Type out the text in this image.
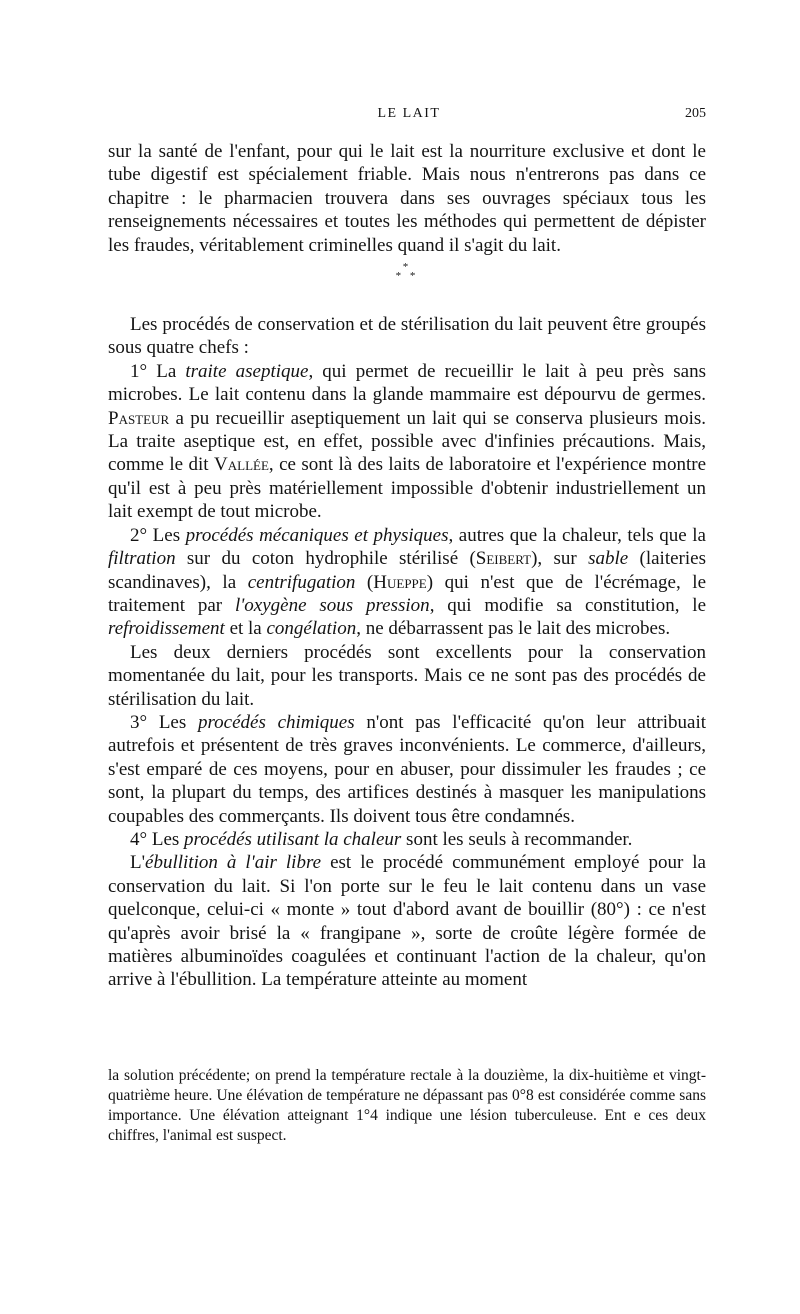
LE LAIT	205

sur la santé de l'enfant, pour qui le lait est la nourriture exclusive et dont le tube digestif est spécialement friable. Mais nous n'entrerons pas dans ce chapitre : le pharmacien trouvera dans ses ouvrages spéciaux tous les renseignements nécessaires et toutes les méthodes qui permettent de dépister les fraudes, véritablement criminelles quand il s'agit du lait.

*
* *

Les procédés de conservation et de stérilisation du lait peuvent être groupés sous quatre chefs :

1° La traite aseptique, qui permet de recueillir le lait à peu près sans microbes. Le lait contenu dans la glande mammaire est dépourvu de germes. Pasteur a pu recueillir aseptiquement un lait qui se conserva plusieurs mois. La traite aseptique est, en effet, possible avec d'infinies précautions. Mais, comme le dit Vallée, ce sont là des laits de laboratoire et l'expérience montre qu'il est à peu près matériellement impossible d'obtenir industriellement un lait exempt de tout microbe.

2° Les procédés mécaniques et physiques, autres que la chaleur, tels que la filtration sur du coton hydrophile stérilisé (Seibert), sur sable (laiteries scandinaves), la centrifugation (Hueppe) qui n'est que de l'écrémage, le traitement par l'oxygène sous pression, qui modifie sa constitution, le refroidissement et la congélation, ne débarrassent pas le lait des microbes.

Les deux derniers procédés sont excellents pour la conservation momentanée du lait, pour les transports. Mais ce ne sont pas des procédés de stérilisation du lait.

3° Les procédés chimiques n'ont pas l'efficacité qu'on leur attribuait autrefois et présentent de très graves inconvénients. Le commerce, d'ailleurs, s'est emparé de ces moyens, pour en abuser, pour dissimuler les fraudes ; ce sont, la plupart du temps, des artifices destinés à masquer les manipulations coupables des commerçants. Ils doivent tous être condamnés.

4° Les procédés utilisant la chaleur sont les seuls à recommander.

L'ébullition à l'air libre est le procédé communément employé pour la conservation du lait. Si l'on porte sur le feu le lait contenu dans un vase quelconque, celui-ci « monte » tout d'abord avant de bouillir (80°) : ce n'est qu'après avoir brisé la « frangipane », sorte de croûte légère formée de matières albuminoïdes coagulées et continuant l'action de la chaleur, qu'on arrive à l'ébullition. La température atteinte au moment

la solution précédente; on prend la température rectale à la douzième, la dix-huitième et vingt-quatrième heure. Une élévation de température ne dépassant pas 0°8 est considérée comme sans importance. Une élévation atteignant 1°4 indique une lésion tuberculeuse. Ent e ces deux chiffres, l'animal est suspect.
